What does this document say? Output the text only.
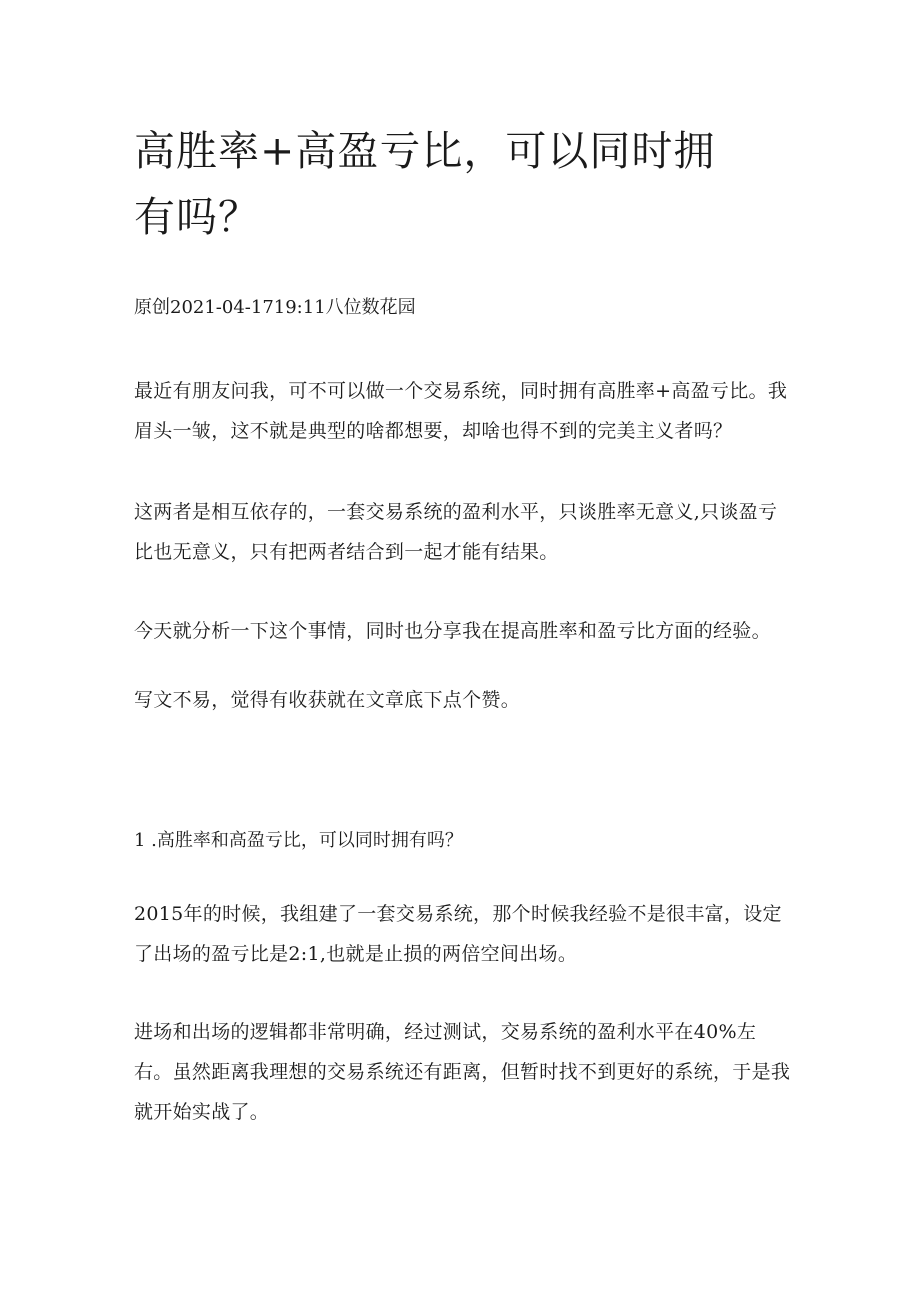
高胜率+高盈亏比，可以同时拥有吗？

原创2021-04-1719:11八位数花园

最近有朋友问我，可不可以做一个交易系统，同时拥有高胜率+高盈亏比。我眉头一皱，这不就是典型的啥都想要，却啥也得不到的完美主义者吗？

这两者是相互依存的，一套交易系统的盈利水平，只谈胜率无意义,只谈盈亏比也无意义，只有把两者结合到一起才能有结果。

今天就分析一下这个事情，同时也分享我在提高胜率和盈亏比方面的经验。

写文不易，觉得有收获就在文章底下点个赞。

1 .高胜率和高盈亏比，可以同时拥有吗？

2015年的时候，我组建了一套交易系统，那个时候我经验不是很丰富，设定了出场的盈亏比是2:1,也就是止损的两倍空间出场。

进场和出场的逻辑都非常明确，经过测试，交易系统的盈利水平在40%左右。虽然距离我理想的交易系统还有距离，但暂时找不到更好的系统，于是我就开始实战了。
